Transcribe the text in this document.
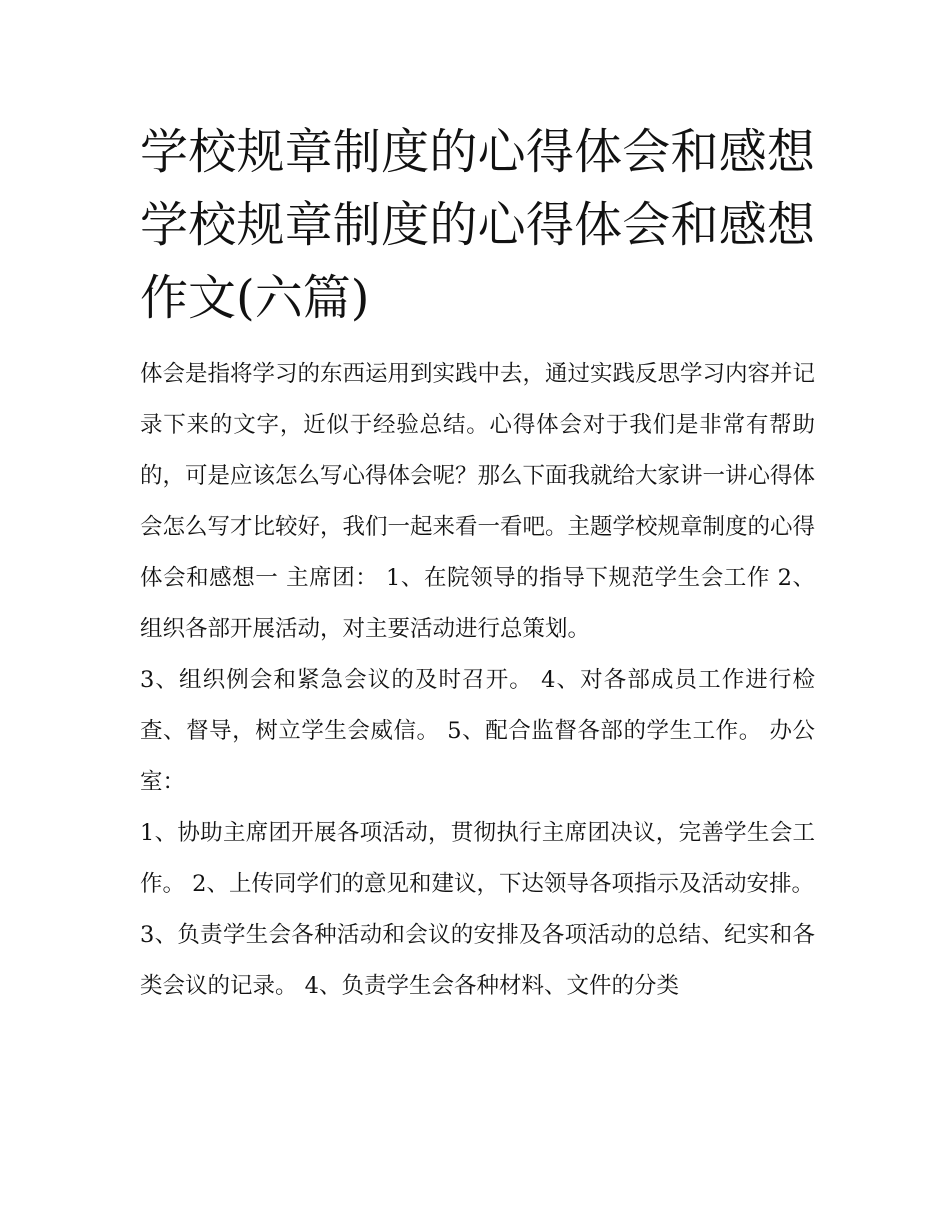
学校规章制度的心得体会和感想 学校规章制度的心得体会和感想作文(六篇)

体会是指将学习的东西运用到实践中去，通过实践反思学习内容并记录下来的文字，近似于经验总结。心得体会对于我们是非常有帮助的，可是应该怎么写心得体会呢？那么下面我就给大家讲一讲心得体会怎么写才比较好，我们一起来看一看吧。主题学校规章制度的心得体会和感想一 主席团： 1、在院领导的指导下规范学生会工作 2、组织各部开展活动，对主要活动进行总策划。

3、组织例会和紧急会议的及时召开。 4、对各部成员工作进行检查、督导，树立学生会威信。 5、配合监督各部的学生工作。 办公室：

1、协助主席团开展各项活动，贯彻执行主席团决议，完善学生会工作。 2、上传同学们的意见和建议，下达领导各项指示及活动安排。

3、负责学生会各种活动和会议的安排及各项活动的总结、纪实和各类会议的记录。 4、负责学生会各种材料、文件的分类
